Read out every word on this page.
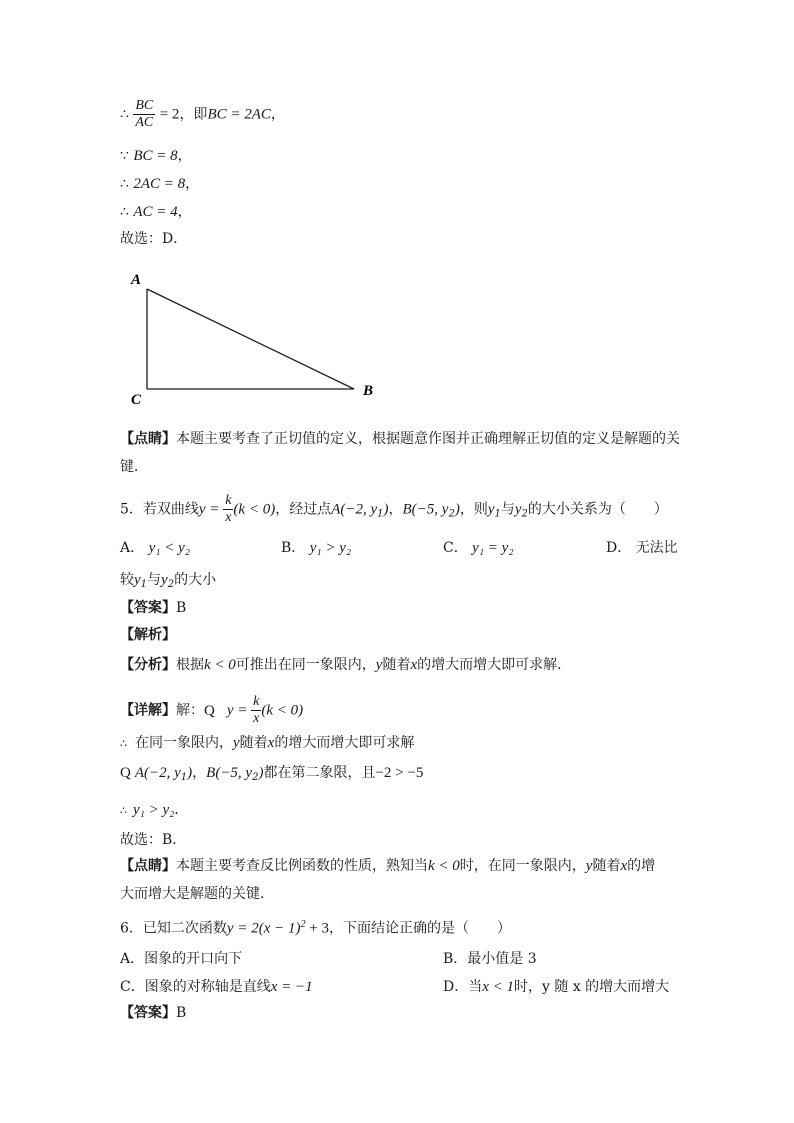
∴ $\frac{BC}{AC} = 2$，即BC = 2AC，
∵ BC = 8，
∴ 2AC = 8，
∴ AC = 4，
故选：D．
A
B
C
【点睛】本题主要考查了正切值的定义，根据题意作图并正确理解正切值的定义是解题的关
键．
5．若双曲线$y = \frac{k}{x} (k < 0)$，经过点A(−2, $y_1$)，B(−5, $y_2$)，则$y_1$与$y_2$的大小关系为（　　）
A． y₁ < y₂	B． y₁ > y₂	C． y₁ = y₂	D． 无法比
较$y_1$与$y_2$的大小
【答案】B
【解析】
【分析】根据k < 0可推出在同一象限内，y随着x的增大而增大即可求解．
【详解】解：Q $y = \frac{k}{x} (k < 0)$
∴ 在同一象限内，y随着x的增大而增大即可求解
Q A(−2, $y_1$)，B(−5, $y_2$)都在第二象限，且−2 > −5
∴ y₁ > y₂．
故选：B．
【点睛】本题主要考查反比例函数的性质，熟知当k < 0时，在同一象限内，y随着x的增
大而增大是解题的关键．
6．已知二次函数$y = 2(x - 1)^2 + 3$，下面结论正确的是（　　）
A．图象的开口向下	B．最小值是 3
C．图象的对称轴是直线x = −1	D．当x < 1时，y 随 x 的增大而增大
【答案】B
